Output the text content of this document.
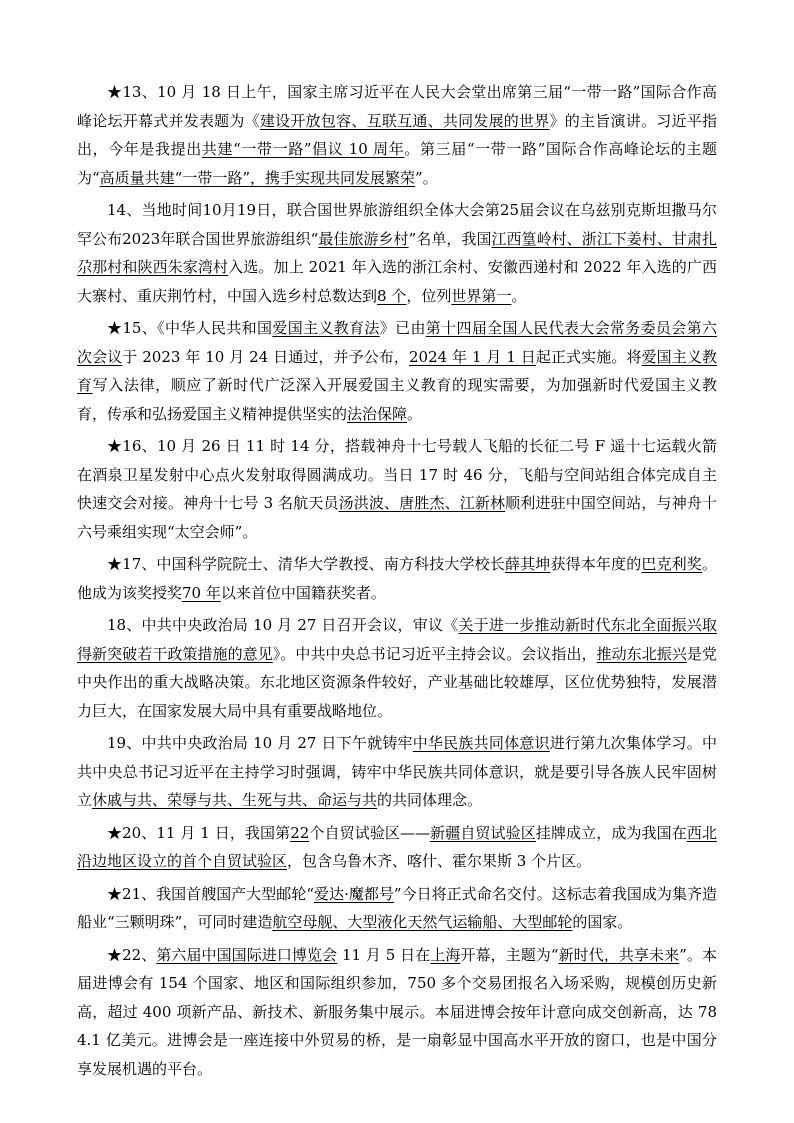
★13、10 月 18 日上午，国家主席习近平在人民大会堂出席第三届“一带一路”国际合作高峰论坛开幕式并发表题为《建设开放包容、互联互通、共同发展的世界》的主旨演讲。习近平指出，今年是我提出共建“一带一路”倡议 10 周年。第三届“一带一路”国际合作高峰论坛的主题为“高质量共建“一带一路”，携手实现共同发展繁荣”。

14、当地时间10月19日，联合国世界旅游组织全体大会第25届会议在乌兹别克斯坦撒马尔罕公布2023年联合国世界旅游组织“最佳旅游乡村”名单，我国江西篁岭村、浙江下姜村、甘肃扎尕那村和陕西朱家湾村入选。加上 2021 年入选的浙江余村、安徽西递村和 2022 年入选的广西大寨村、重庆荆竹村，中国入选乡村总数达到8 个，位列世界第一。

★15、《中华人民共和国爱国主义教育法》已由第十四届全国人民代表大会常务委员会第六次会议于 2023 年 10 月 24 日通过，并予公布，2024 年 1 月 1 日起正式实施。将爱国主义教育写入法律，顺应了新时代广泛深入开展爱国主义教育的现实需要，为加强新时代爱国主义教育，传承和弘扬爱国主义精神提供坚实的法治保障。

★16、10 月 26 日 11 时 14 分，搭载神舟十七号载人飞船的长征二号 F 遥十七运载火箭在酒泉卫星发射中心点火发射取得圆满成功。当日 17 时 46 分，飞船与空间站组合体完成自主快速交会对接。神舟十七号 3 名航天员汤洪波、唐胜杰、江新林顺利进驻中国空间站，与神舟十六号乘组实现“太空会师”。

★17、中国科学院院士、清华大学教授、南方科技大学校长薛其坤获得本年度的巴克利奖。他成为该奖授奖70 年以来首位中国籍获奖者。

18、中共中央政治局 10 月 27 日召开会议，审议《关于进一步推动新时代东北全面振兴取得新突破若干政策措施的意见》。中共中央总书记习近平主持会议。会议指出，推动东北振兴是党中央作出的重大战略决策。东北地区资源条件较好，产业基础比较雄厚，区位优势独特，发展潜力巨大，在国家发展大局中具有重要战略地位。

19、中共中央政治局 10 月 27 日下午就铸牢中华民族共同体意识进行第九次集体学习。中共中央总书记习近平在主持学习时强调，铸牢中华民族共同体意识，就是要引导各族人民牢固树立休戚与共、荣辱与共、生死与共、命运与共的共同体理念。

★20、11 月 1 日，我国第22个自贸试验区——新疆自贸试验区挂牌成立，成为我国在西北沿边地区设立的首个自贸试验区，包含乌鲁木齐、喀什、霍尔果斯 3 个片区。

★21、我国首艘国产大型邮轮“爱达·魔都号”今日将正式命名交付。这标志着我国成为集齐造船业“三颗明珠”，可同时建造航空母舰、大型液化天然气运输船、大型邮轮的国家。

★22、第六届中国国际进口博览会 11 月 5 日在上海开幕，主题为“新时代，共享未来”。本届进博会有 154 个国家、地区和国际组织参加，750 多个交易团报名入场采购，规模创历史新高，超过 400 项新产品、新技术、新服务集中展示。本届进博会按年计意向成交创新高，达 784.1 亿美元。进博会是一座连接中外贸易的桥，是一扇彰显中国高水平开放的窗口，也是中国分享发展机遇的平台。
